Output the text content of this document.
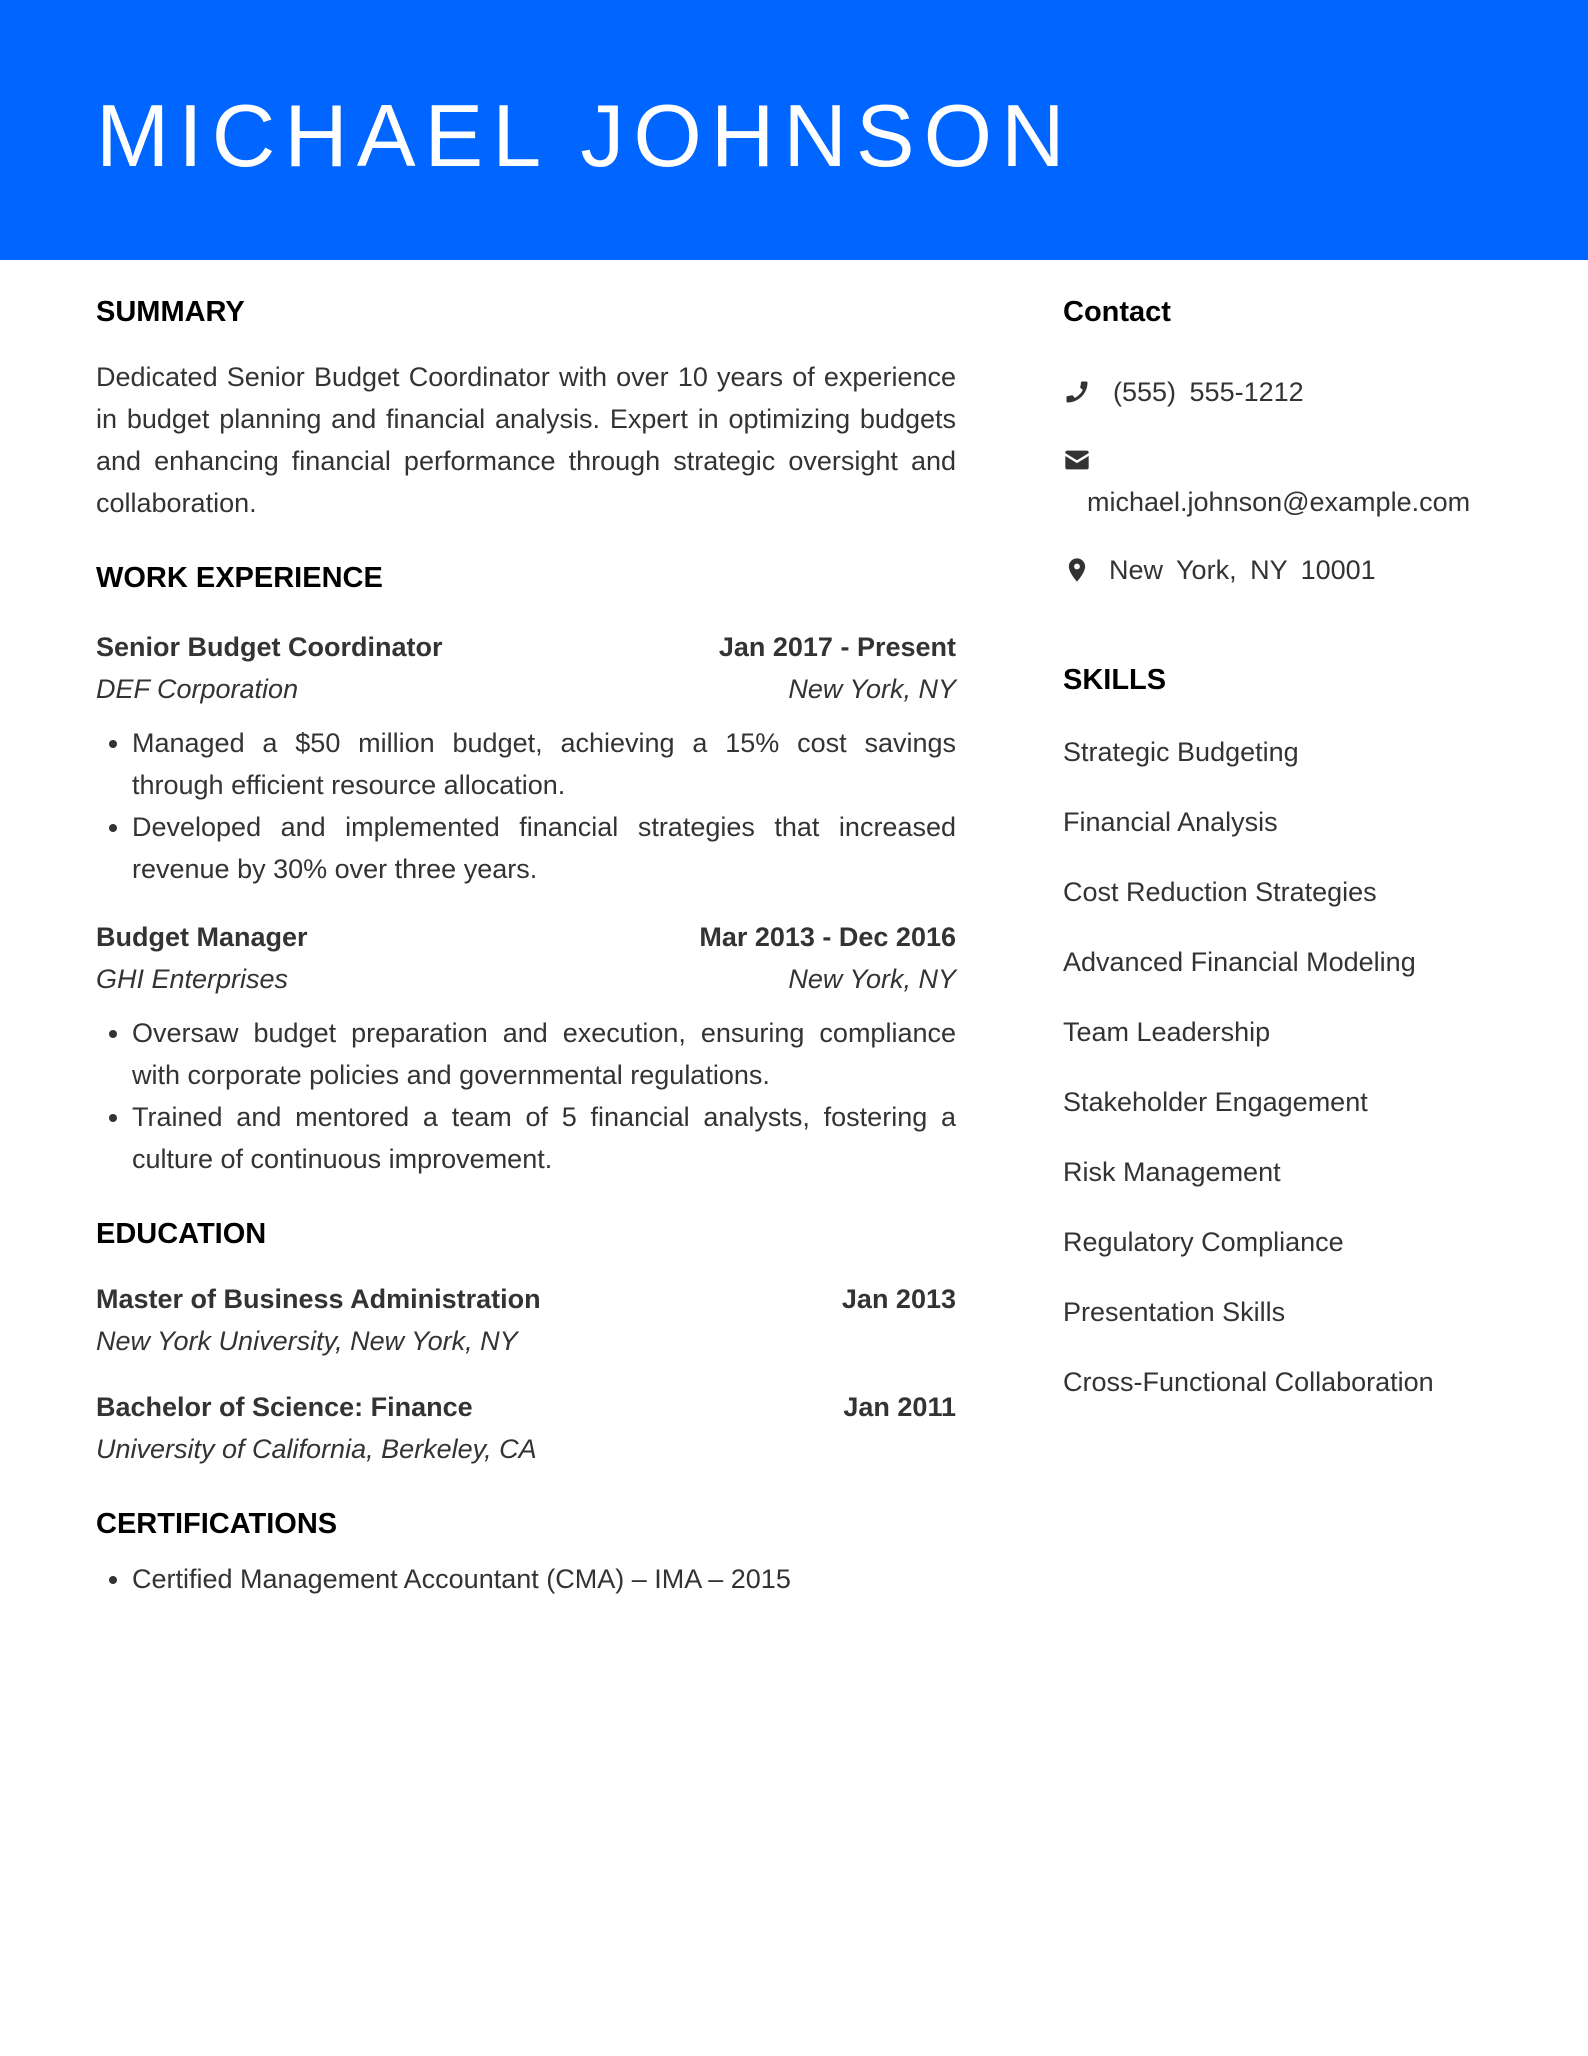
MICHAEL JOHNSON
SUMMARY

Dedicated Senior Budget Coordinator with over 10 years of experience in budget planning and financial analysis. Expert in optimizing budgets and enhancing financial performance through strategic oversight and collaboration.

WORK EXPERIENCE
Senior Budget Coordinator	Jan 2017 - Present
DEF Corporation	New York, NY
• Managed a $50 million budget, achieving a 15% cost savings through efficient resource allocation.
• Developed and implemented financial strategies that increased revenue by 30% over three years.
Budget Manager	Mar 2013 - Dec 2016
GHI Enterprises	New York, NY
• Oversaw budget preparation and execution, ensuring compliance with corporate policies and governmental regulations.
• Trained and mentored a team of 5 financial analysts, fostering a culture of continuous improvement.
EDUCATION
Master of Business Administration	Jan 2013
New York University, New York, NY
Bachelor of Science: Finance	Jan 2011
University of California, Berkeley, CA
CERTIFICATIONS
• Certified Management Accountant (CMA) – IMA – 2015
Contact
(555) 555-1212
michael.johnson@example.com
New York, NY 10001
SKILLS
Strategic Budgeting
Financial Analysis
Cost Reduction Strategies
Advanced Financial Modeling
Team Leadership
Stakeholder Engagement
Risk Management
Regulatory Compliance
Presentation Skills
Cross-Functional Collaboration
